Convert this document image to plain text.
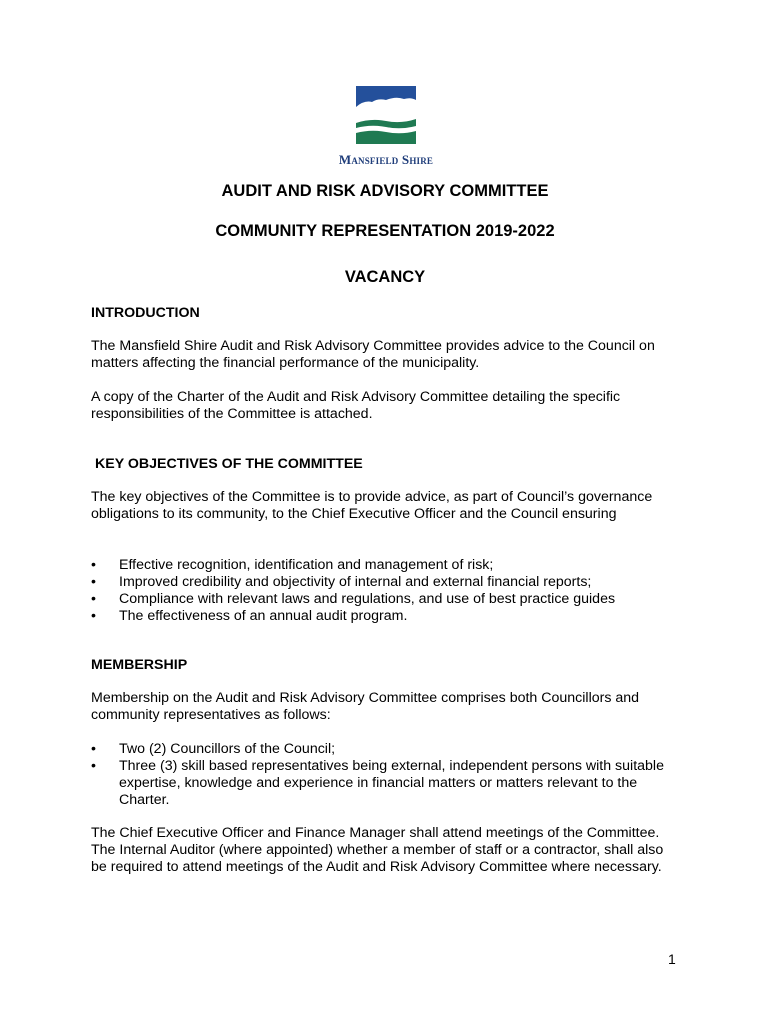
Mansfield Shire
AUDIT AND RISK ADVISORY COMMITTEE
COMMUNITY REPRESENTATION 2019-2022
VACANCY
INTRODUCTION
The Mansfield Shire Audit and Risk Advisory Committee provides advice to the Council on matters affecting the financial performance of the municipality.
A copy of the Charter of the Audit and Risk Advisory Committee detailing the specific responsibilities of the Committee is attached.
KEY OBJECTIVES OF THE COMMITTEE
The key objectives of the Committee is to provide advice, as part of Council’s governance obligations to its community, to the Chief Executive Officer and the Council ensuring
• Effective recognition, identification and management of risk;
• Improved credibility and objectivity of internal and external financial reports;
• Compliance with relevant laws and regulations, and use of best practice guides
• The effectiveness of an annual audit program.
MEMBERSHIP
Membership on the Audit and Risk Advisory Committee comprises both Councillors and community representatives as follows:
• Two (2) Councillors of the Council;
• Three (3) skill based representatives being external, independent persons with suitable expertise, knowledge and experience in financial matters or matters relevant to the Charter.
The Chief Executive Officer and Finance Manager shall attend meetings of the Committee. The Internal Auditor (where appointed) whether a member of staff or a contractor, shall also be required to attend meetings of the Audit and Risk Advisory Committee where necessary.
1
